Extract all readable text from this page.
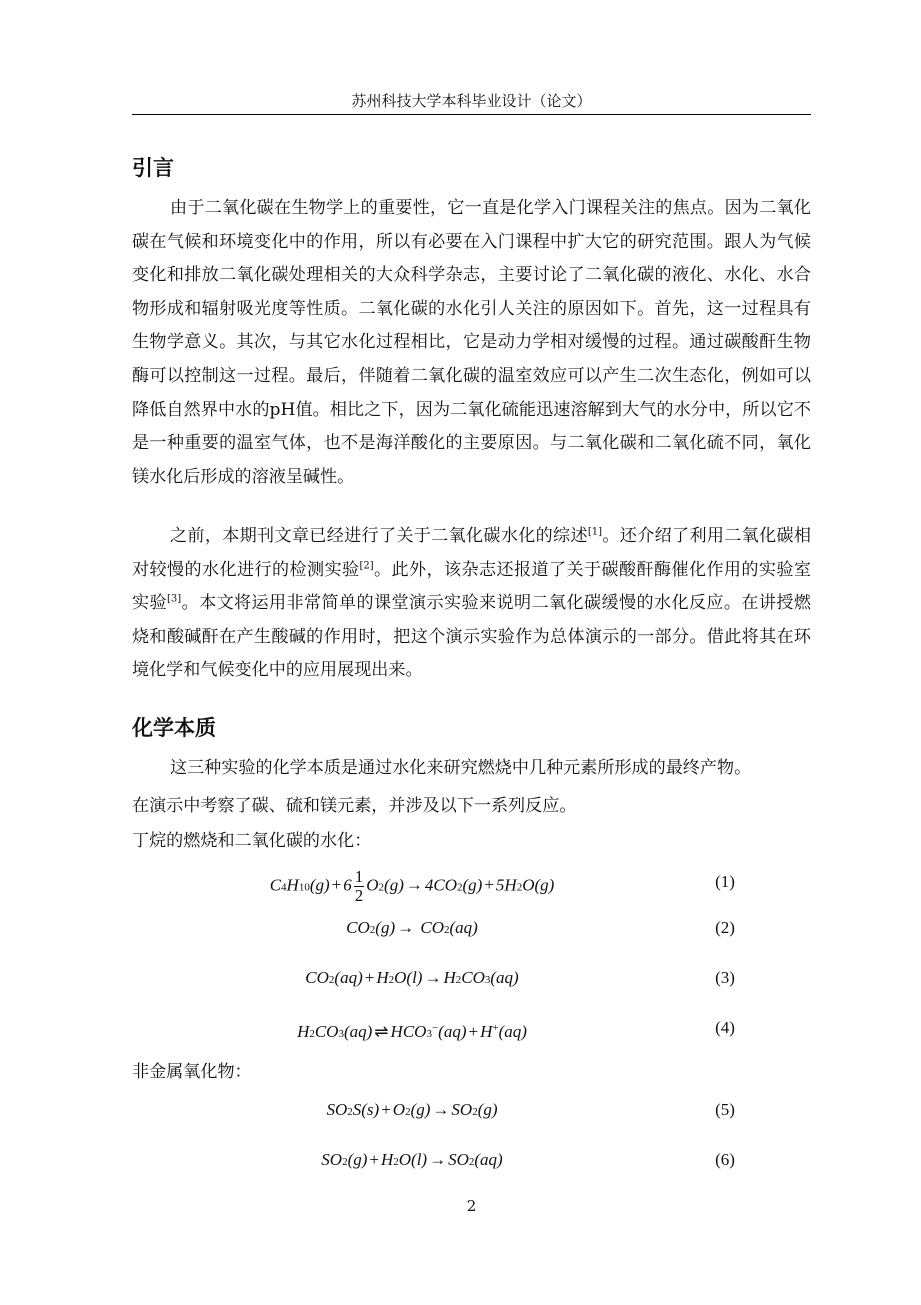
苏州科技大学本科毕业设计（论文）
引言

由于二氧化碳在生物学上的重要性，它一直是化学入门课程关注的焦点。因为二氧化碳在气候和环境变化中的作用，所以有必要在入门课程中扩大它的研究范围。跟人为气候变化和排放二氧化碳处理相关的大众科学杂志，主要讨论了二氧化碳的液化、水化、水合物形成和辐射吸光度等性质。二氧化碳的水化引人关注的原因如下。首先，这一过程具有生物学意义。其次，与其它水化过程相比，它是动力学相对缓慢的过程。通过碳酸酐生物酶可以控制这一过程。最后，伴随着二氧化碳的温室效应可以产生二次生态化，例如可以降低自然界中水的pH值。相比之下，因为二氧化硫能迅速溶解到大气的水分中，所以它不是一种重要的温室气体，也不是海洋酸化的主要原因。与二氧化碳和二氧化硫不同，氧化镁水化后形成的溶液呈碱性。

之前，本期刊文章已经进行了关于二氧化碳水化的综述[1]。还介绍了利用二氧化碳相对较慢的水化进行的检测实验[2]。此外，该杂志还报道了关于碳酸酐酶催化作用的实验室实验[3]。本文将运用非常简单的课堂演示实验来说明二氧化碳缓慢的水化反应。在讲授燃烧和酸碱酐在产生酸碱的作用时，把这个演示实验作为总体演示的一部分。借此将其在环境化学和气候变化中的应用展现出来。

化学本质

这三种实验的化学本质是通过水化来研究燃烧中几种元素所形成的最终产物。

在演示中考察了碳、硫和镁元素，并涉及以下一系列反应。
丁烷的燃烧和二氧化碳的水化：
$C4H10(g) + 6 \frac{1}{2} O2(g) \to 4CO2(g) + 5H2O(g)$	(1)
CO2(g) → CO2(aq)	(2)
CO2(aq) + H2O(l) → H2CO3(aq)	(3)
H2CO3(aq) ⇌ HCO3−(aq) + H+(aq)	(4)
非金属氧化物：
SO2S(s) + O2(g) → SO2(g)	(5)
SO2(g) + H2O(l) → SO2(aq)	(6)
2
